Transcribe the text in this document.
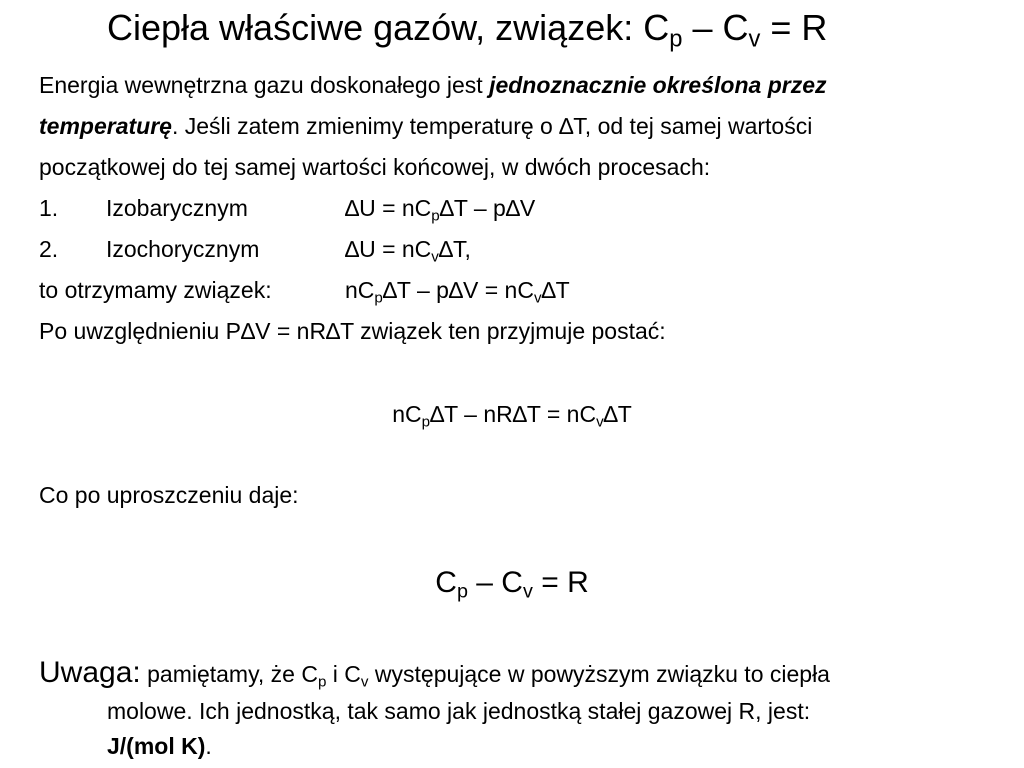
Ciepła właściwe gazów, związek: $C_p - C_v = R$
Energia wewnętrzna gazu doskonałego jest jednoznacznie określona przez
temperaturę. Jeśli zatem zmienimy temperaturę o ∆T, od tej samej wartości
początkowej do tej samej wartości końcowej, w dwóch procesach:
1. Izobarycznym	$\Delta U = nC_p\Delta T - p\Delta V$
2. Izochorycznym	$\Delta U = nC_v\Delta T$,
to otrzymamy związek:	$nC_p\Delta T - p\Delta V = nC_v\Delta T$
Po uwzględnieniu P∆V = nR∆T związek ten przyjmuje postać:
$nC_p\Delta T - nR\Delta T = nC_v\Delta T$
Co po uproszczeniu daje:
$C_p - C_v = R$
Uwaga: pamiętamy, że $C_p$ i $C_v$ występujące w powyższym związku to ciepła
molowe. Ich jednostką, tak samo jak jednostką stałej gazowej R, jest:
J/(mol K).
